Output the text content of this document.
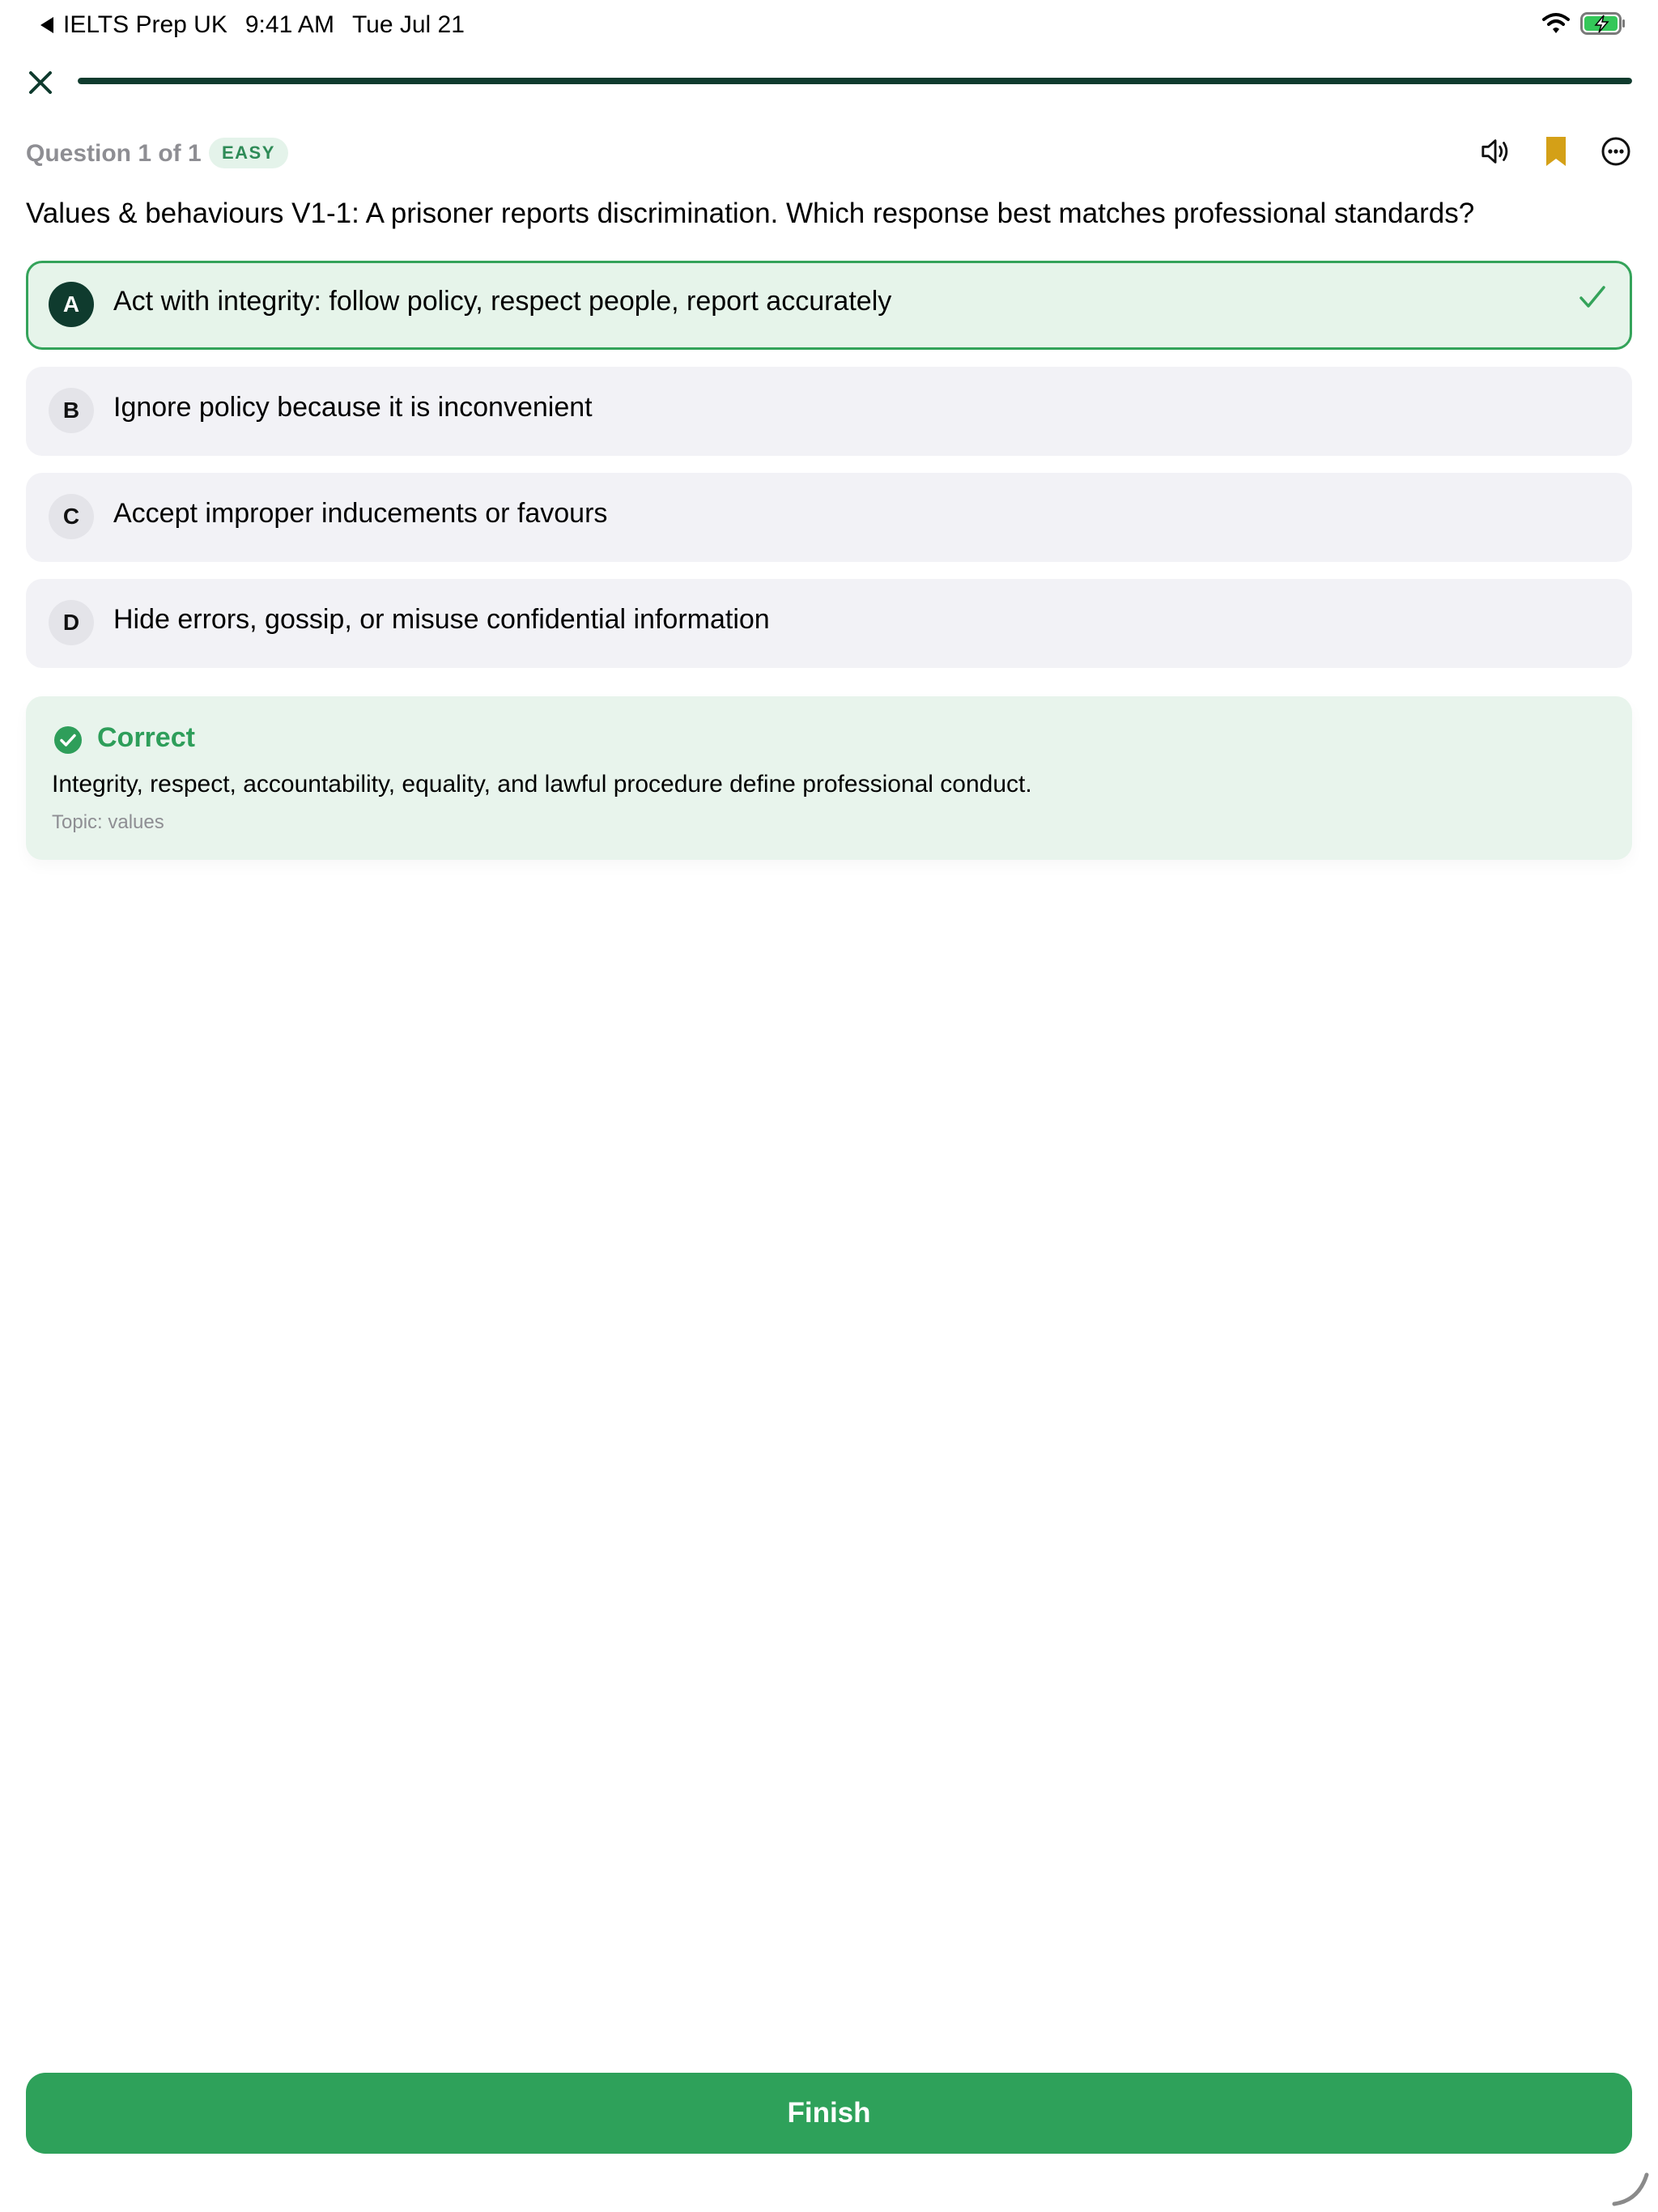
IELTS Prep UK 9:41 AM Tue Jul 21
Question 1 of 1	EASY
Values & behaviours V1-1: A prisoner reports discrimination. Which response best matches professional standards?
A	Act with integrity: follow policy, respect people, report accurately
B	Ignore policy because it is inconvenient
C	Accept improper inducements or favours
D	Hide errors, gossip, or misuse confidential information
Correct
Integrity, respect, accountability, equality, and lawful procedure define professional conduct.
Topic: values
Finish
